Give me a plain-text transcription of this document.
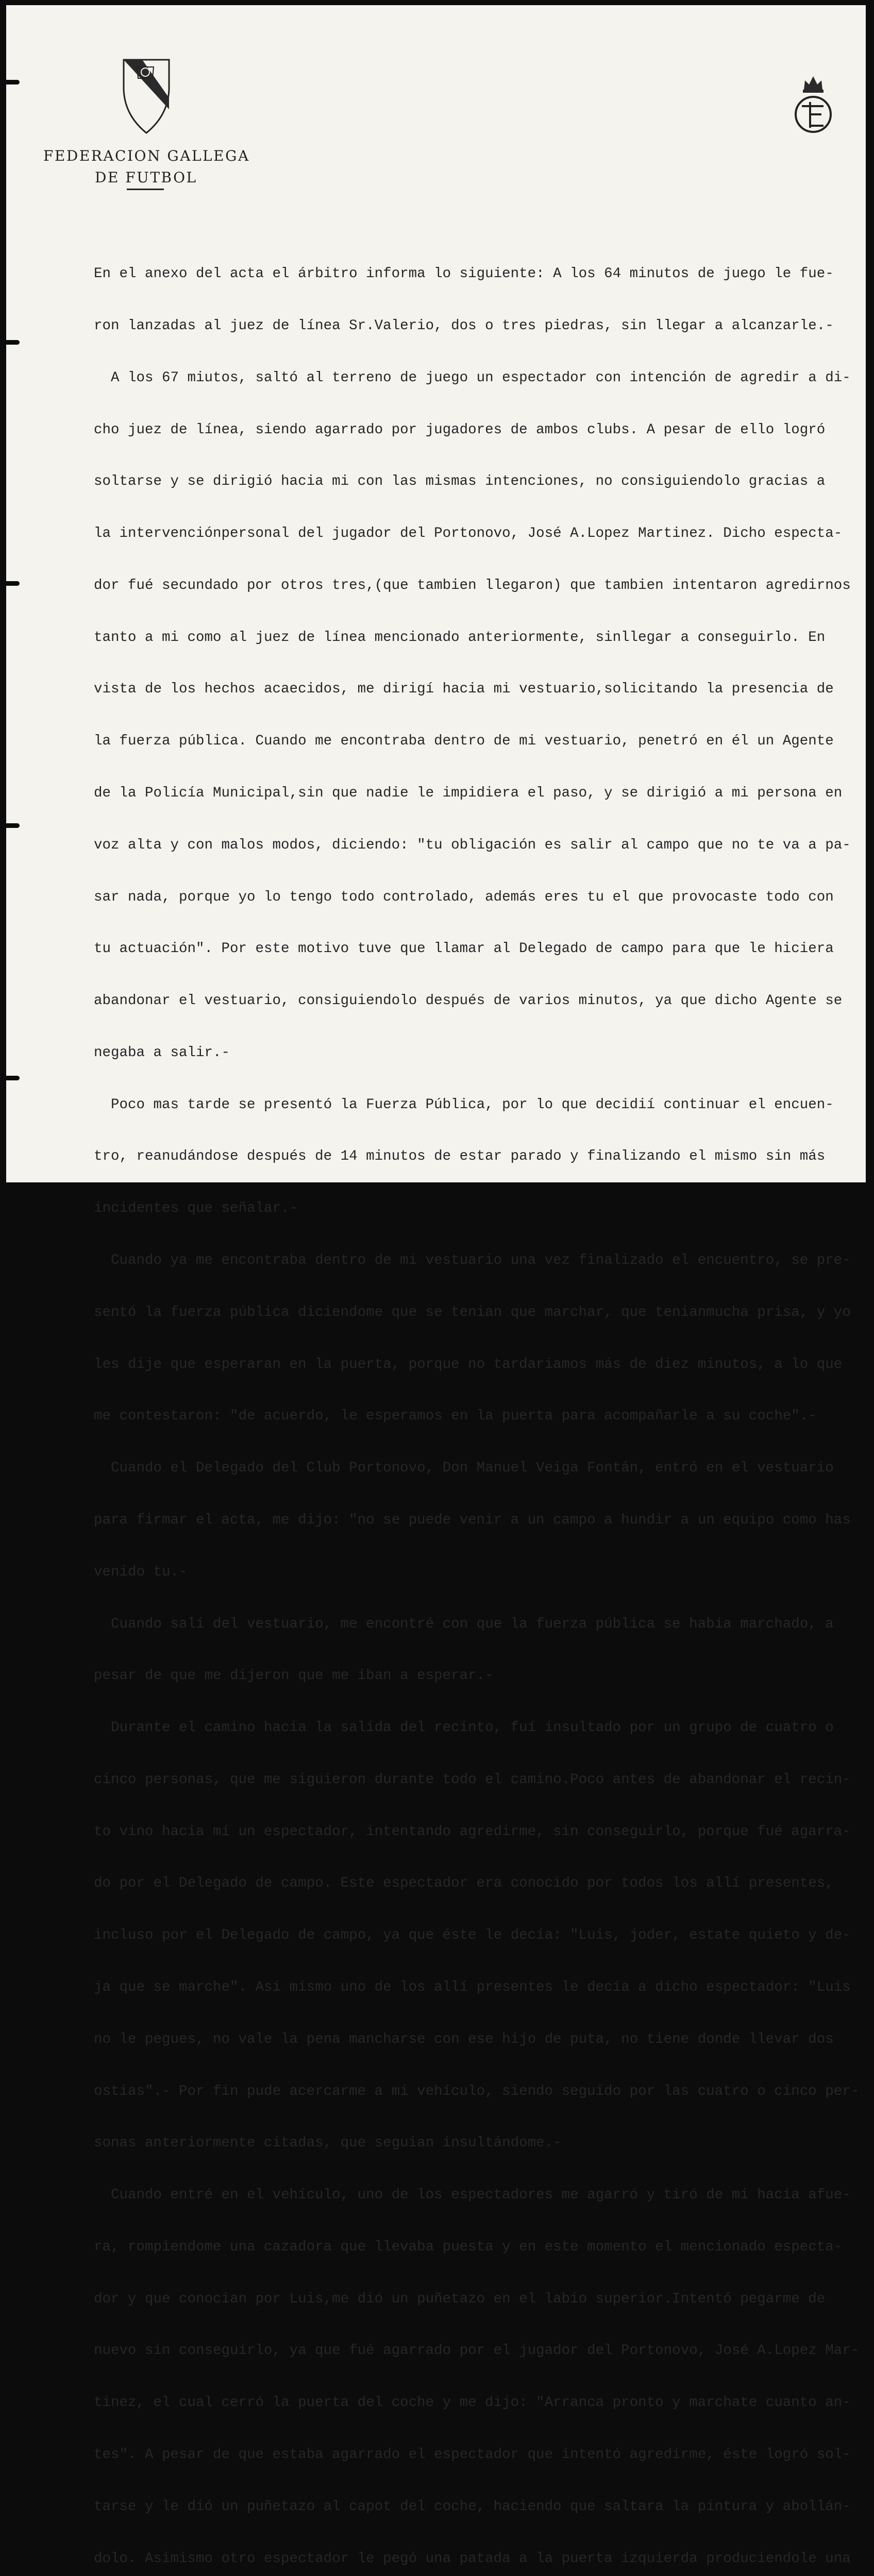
FEDERACION GALLEGA
DE FUTBOL

En el anexo del acta el árbitro informa lo siguiente: A los 64 minutos de juego le fue-

ron lanzadas al juez de línea Sr.Valerio, dos o tres piedras, sin llegar a alcanzarle.-

A los 67 miutos, saltó al terreno de juego un espectador con intención de agredir a di-

cho juez de línea, siendo agarrado por jugadores de ambos clubs. A pesar de ello logró

soltarse y se dirigió hacia mi con las mismas intenciones, no consiguiendolo gracias a

la intervenciónpersonal del jugador del Portonovo, José A.Lopez Martinez. Dicho especta-

dor fué secundado por otros tres,(que tambien llegaron) que tambien intentaron agredirnos

tanto a mi como al juez de línea mencionado anteriormente, sinllegar a conseguirlo. En

vista de los hechos acaecidos, me dirigí hacia mi vestuario,solicitando la presencia de

la fuerza pública. Cuando me encontraba dentro de mi vestuario, penetró en él un Agente

de la Policía Municipal,sin que nadie le impidiera el paso, y se dirigió a mi persona en

voz alta y con malos modos, diciendo: "tu obligación es salir al campo que no te va a pa-

sar nada, porque yo lo tengo todo controlado, además eres tu el que provocaste todo con

tu actuación". Por este motivo tuve que llamar al Delegado de campo para que le hiciera

abandonar el vestuario, consiguiendolo después de varios minutos, ya que dicho Agente se

negaba a salir.-

Poco mas tarde se presentó la Fuerza Pública, por lo que decidií continuar el encuen-

tro, reanudándose después de 14 minutos de estar parado y finalizando el mismo sin más

incidentes que señalar.-

Cuando ya me encontraba dentro de mi vestuario una vez finalizado el encuentro, se pre-

sentó la fuerza pública diciendome que se tenian que marchar, que tenianmucha prisa, y yo

les dije que esperaran en la puerta, porque no tardariamos más de diez minutos, a lo que

me contestaron: "de acuerdo, le esperamos en la puerta para acompañarle a su coche".-

Cuando el Delegado del Club Portonovo, Don Manuel Veiga Fontán, entró en el vestuario

para firmar el acta, me dijo: "no se puede venir a un campo a hundir a un equipo como has

venido tu.-

Cuando salí del vestuario, me encontré con que la fuerza pública se habia marchado, a

pesar de que me dijeron que me iban a esperar.-

Durante el camino hacia la salida del recinto, fuí insultado por un grupo de cuatro o

cinco personas, que me siguieron durante todo el camino.Poco antes de abandonar el recin-

to vino hacia mí un espectador, intentando agredirme, sin conseguirlo, porque fué agarra-

do por el Delegado de campo. Este espectador era conocido por todos los allí presentes,

incluso por el Delegado de campo, ya que éste le decía: "Luis, joder, estate quieto y de-

ja que se marche". Asi mismo uno de los allí presentes le decía a dicho espectador: "Luis

no le pegues, no vale la pena mancharse con ese hijo de puta, no tiene donde llevar dos

ostias".- Por fin pude acercarme a mi vehículo, siendo seguido por las cuatro o cinco per-

sonas anteriormente citadas, que seguian insultándome.-

Cuando entré en el vehículo, uno de los espectadores me agarró y tiró de mi hacia afue-

ra, rompiendome una cazadora que llevaba puesta y en este momento el mencionado especta-

dor y que conocian por Luis,me dió un puñetazo en el labio superior.Intentó pegarme de

nuevo sin conseguirlo, ya que fué agarrado por el jugador del Portonovo, José A.Lopez Mar-

tinez, el cual cerró la puerta del coche y me dijo: "Arranca pronto y marchate cuanto an-

tes". A pesar de que estaba agarrado el espectador que intentó agredirme, éste logró sol-

tarse y le dió un puñetazo al capot del coche, haciendo que saltara la pintura y abollán-

dolo. Asimismo otro espectador le pegó una patada a la puerta izquierda produciendole una
